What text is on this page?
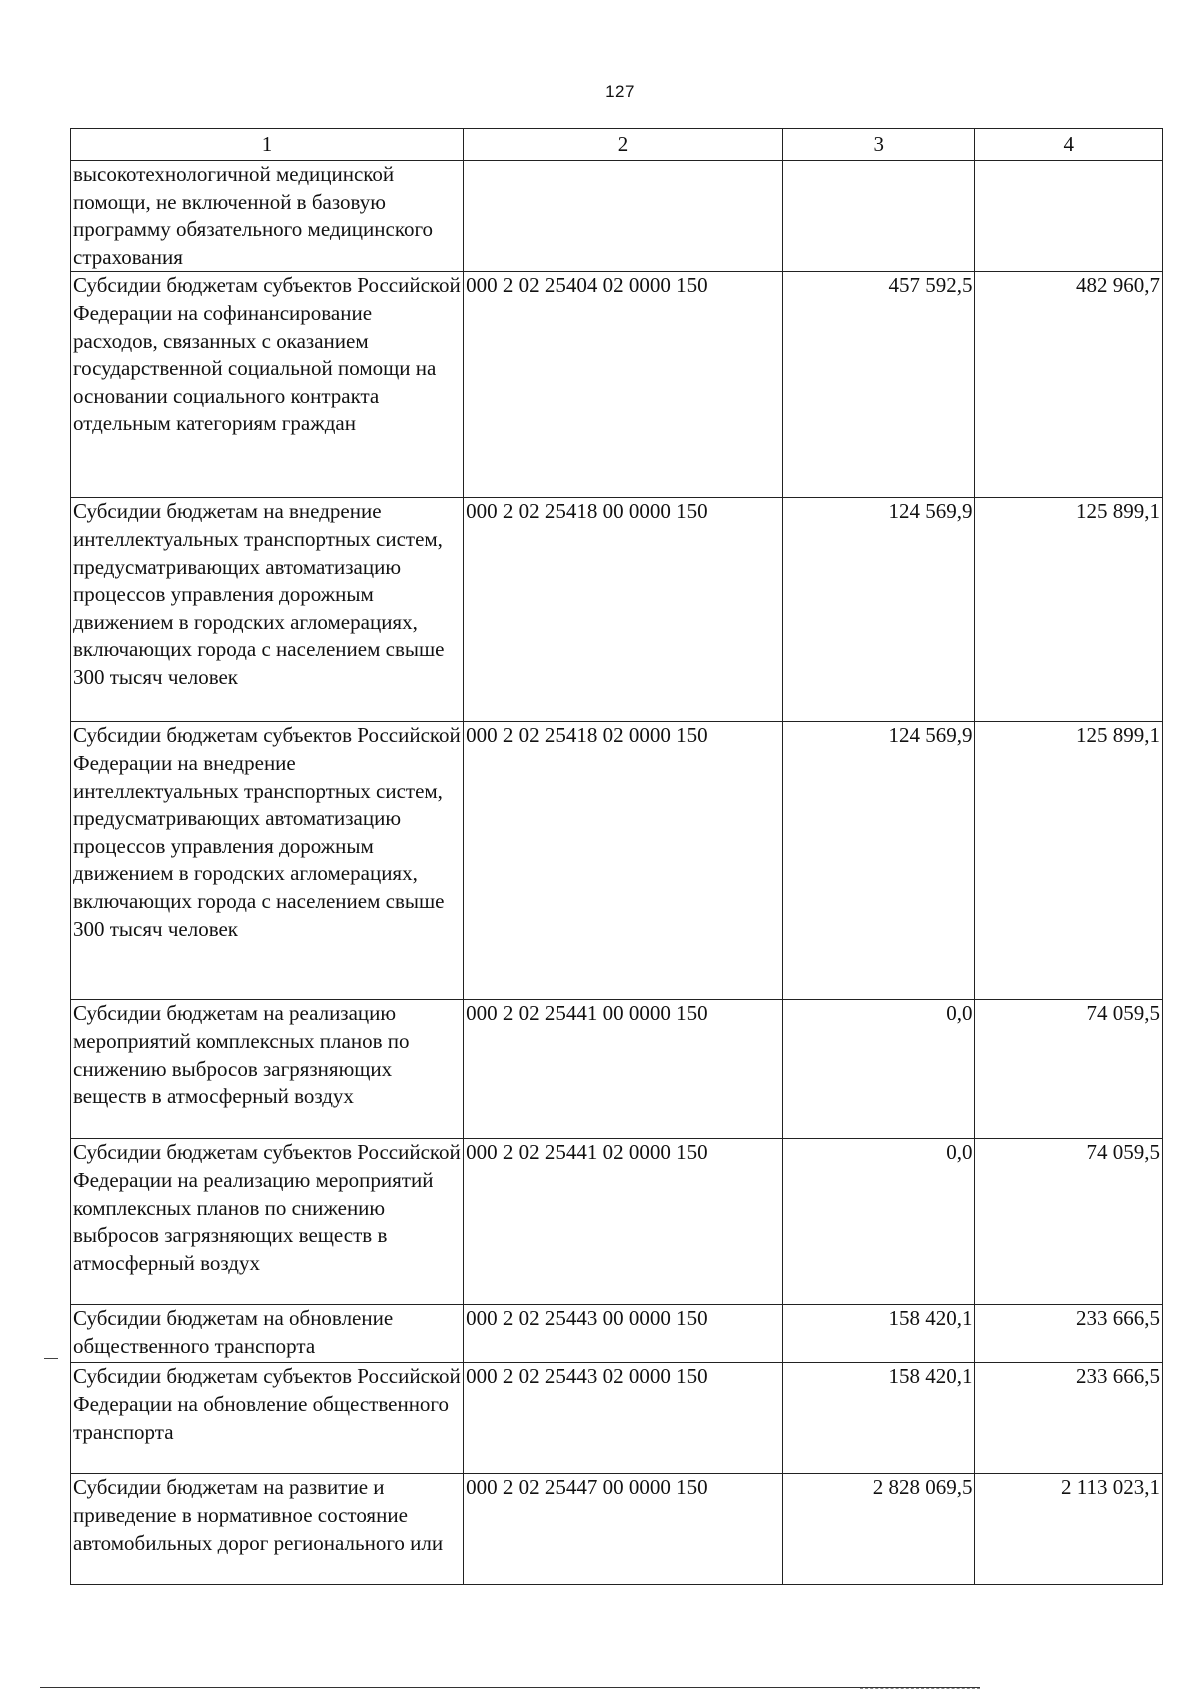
127
1	2	3	4
высокотехнологичной медицинской помощи, не включенной в базовую программу обязательного медицинского страхования			
Субсидии бюджетам субъектов Российской Федерации на софинансирование расходов, связанных с оказанием государственной социальной помощи на основании социального контракта отдельным категориям граждан	000 2 02 25404 02 0000 150	457 592,5	482 960,7
Субсидии бюджетам на внедрение интеллектуальных транспортных систем, предусматривающих автоматизацию процессов управления дорожным движением в городских агломерациях, включающих города с населением свыше 300 тысяч человек	000 2 02 25418 00 0000 150	124 569,9	125 899,1
Субсидии бюджетам субъектов Российской Федерации на внедрение интеллектуальных транспортных систем, предусматривающих автоматизацию процессов управления дорожным движением в городских агломерациях, включающих города с населением свыше 300 тысяч человек	000 2 02 25418 02 0000 150	124 569,9	125 899,1
Субсидии бюджетам на реализацию мероприятий комплексных планов по снижению выбросов загрязняющих веществ в атмосферный воздух	000 2 02 25441 00 0000 150	0,0	74 059,5
Субсидии бюджетам субъектов Российской Федерации на реализацию мероприятий комплексных планов по снижению выбросов загрязняющих веществ в атмосферный воздух	000 2 02 25441 02 0000 150	0,0	74 059,5
Субсидии бюджетам на обновление общественного транспорта	000 2 02 25443 00 0000 150	158 420,1	233 666,5
Субсидии бюджетам субъектов Российской Федерации на обновление общественного транспорта	000 2 02 25443 02 0000 150	158 420,1	233 666,5
Субсидии бюджетам на развитие и приведение в нормативное состояние автомобильных дорог регионального или	000 2 02 25447 00 0000 150	2 828 069,5	2 113 023,1
